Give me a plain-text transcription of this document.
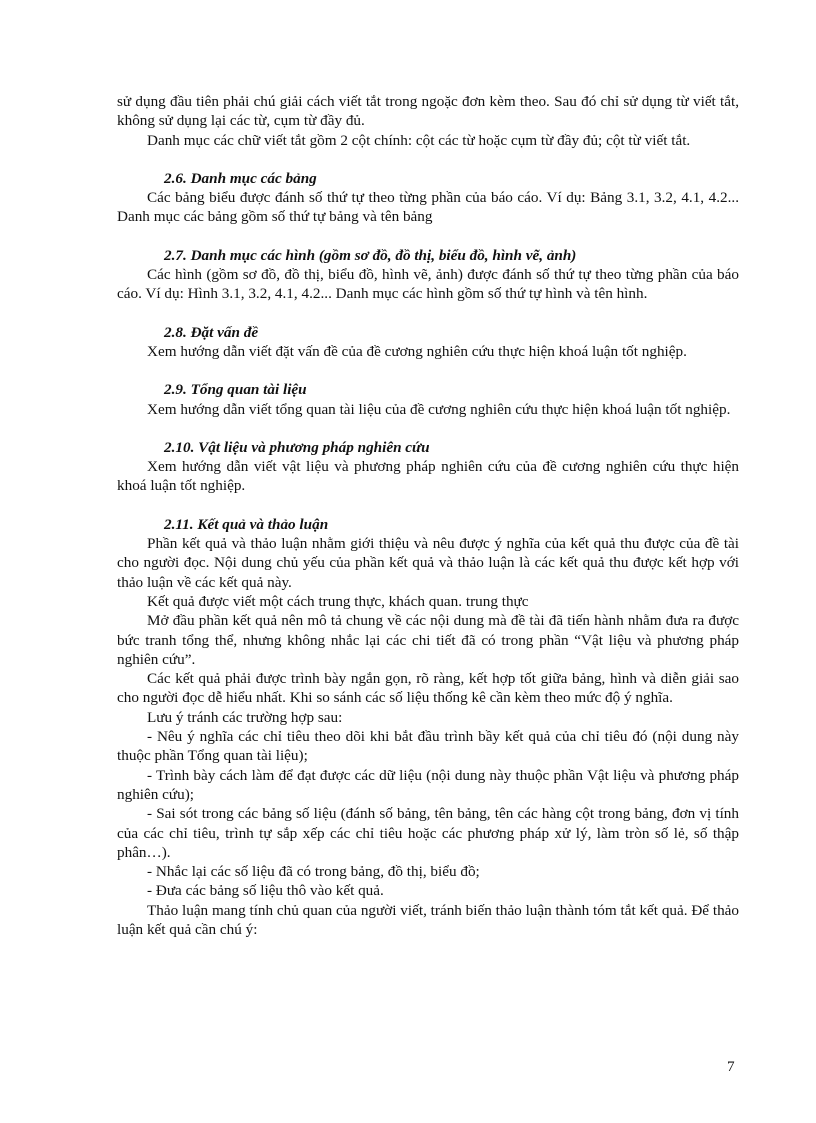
sử dụng đầu tiên phải chú giải cách viết tắt trong ngoặc đơn kèm theo. Sau đó chỉ sử dụng từ viết tắt, không sử dụng lại các từ, cụm từ đầy đủ.

Danh mục các chữ viết tắt gồm 2 cột chính: cột các từ hoặc cụm từ đầy đủ; cột từ viết tắt.

2.6. Danh mục các bảng

Các bảng biểu được đánh số thứ tự theo từng phần của báo cáo. Ví dụ: Bảng 3.1, 3.2, 4.1, 4.2... Danh mục các bảng gồm số thứ tự bảng và tên bảng

2.7. Danh mục các hình (gồm sơ đồ, đồ thị, biểu đồ, hình vẽ, ảnh)

Các hình (gồm sơ đồ, đồ thị, biểu đồ, hình vẽ, ảnh) được đánh số thứ tự theo từng phần của báo cáo. Ví dụ: Hình 3.1, 3.2, 4.1, 4.2... Danh mục các hình gồm số thứ tự hình và tên hình.

2.8. Đặt vấn đề

Xem hướng dẫn viết đặt vấn đề của đề cương nghiên cứu thực hiện khoá luận tốt nghiệp.

2.9. Tổng quan tài liệu

Xem hướng dẫn viết tổng quan tài liệu của đề cương nghiên cứu thực hiện khoá luận tốt nghiệp.

2.10. Vật liệu và phương pháp nghiên cứu

Xem hướng dẫn viết vật liệu và phương pháp nghiên cứu của đề cương nghiên cứu thực hiện khoá luận tốt nghiệp.

2.11. Kết quả và thảo luận

Phần kết quả và thảo luận nhằm giới thiệu và nêu được ý nghĩa của kết quả thu được của đề tài cho người đọc. Nội dung chủ yếu của phần kết quả và thảo luận là các kết quả thu được kết hợp với thảo luận về các kết quả này.

Kết quả được viết một cách trung thực, khách quan. trung thực

Mở đầu phần kết quả nên mô tả chung về các nội dung mà đề tài đã tiến hành nhằm đưa ra được bức tranh tổng thể, nhưng không nhắc lại các chi tiết đã có trong phần “Vật liệu và phương pháp nghiên cứu”.

Các kết quả phải được trình bày ngắn gọn, rõ ràng, kết hợp tốt giữa bảng, hình và diễn giải sao cho người đọc dễ hiểu nhất. Khi so sánh các số liệu thống kê cần kèm theo mức độ ý nghĩa.

Lưu ý tránh các trường hợp sau:

- Nêu ý nghĩa các chỉ tiêu theo dõi khi bắt đầu trình bầy kết quả của chỉ tiêu đó (nội dung này thuộc phần Tổng quan tài liệu);

- Trình bày cách làm để đạt được các dữ liệu (nội dung này thuộc phần Vật liệu và phương pháp nghiên cứu);

- Sai sót trong các bảng số liệu (đánh số bảng, tên bảng, tên các hàng cột trong bảng, đơn vị tính của các chỉ tiêu, trình tự sắp xếp các chỉ tiêu hoặc các phương pháp xử lý, làm tròn số lẻ, số thập phân…).

- Nhắc lại các số liệu đã có trong bảng, đồ thị, biểu đồ;

- Đưa các bảng số liệu thô vào kết quả.

Thảo luận mang tính chủ quan của người viết, tránh biến thảo luận thành tóm tắt kết quả. Để thảo luận kết quả cần chú ý:

7
